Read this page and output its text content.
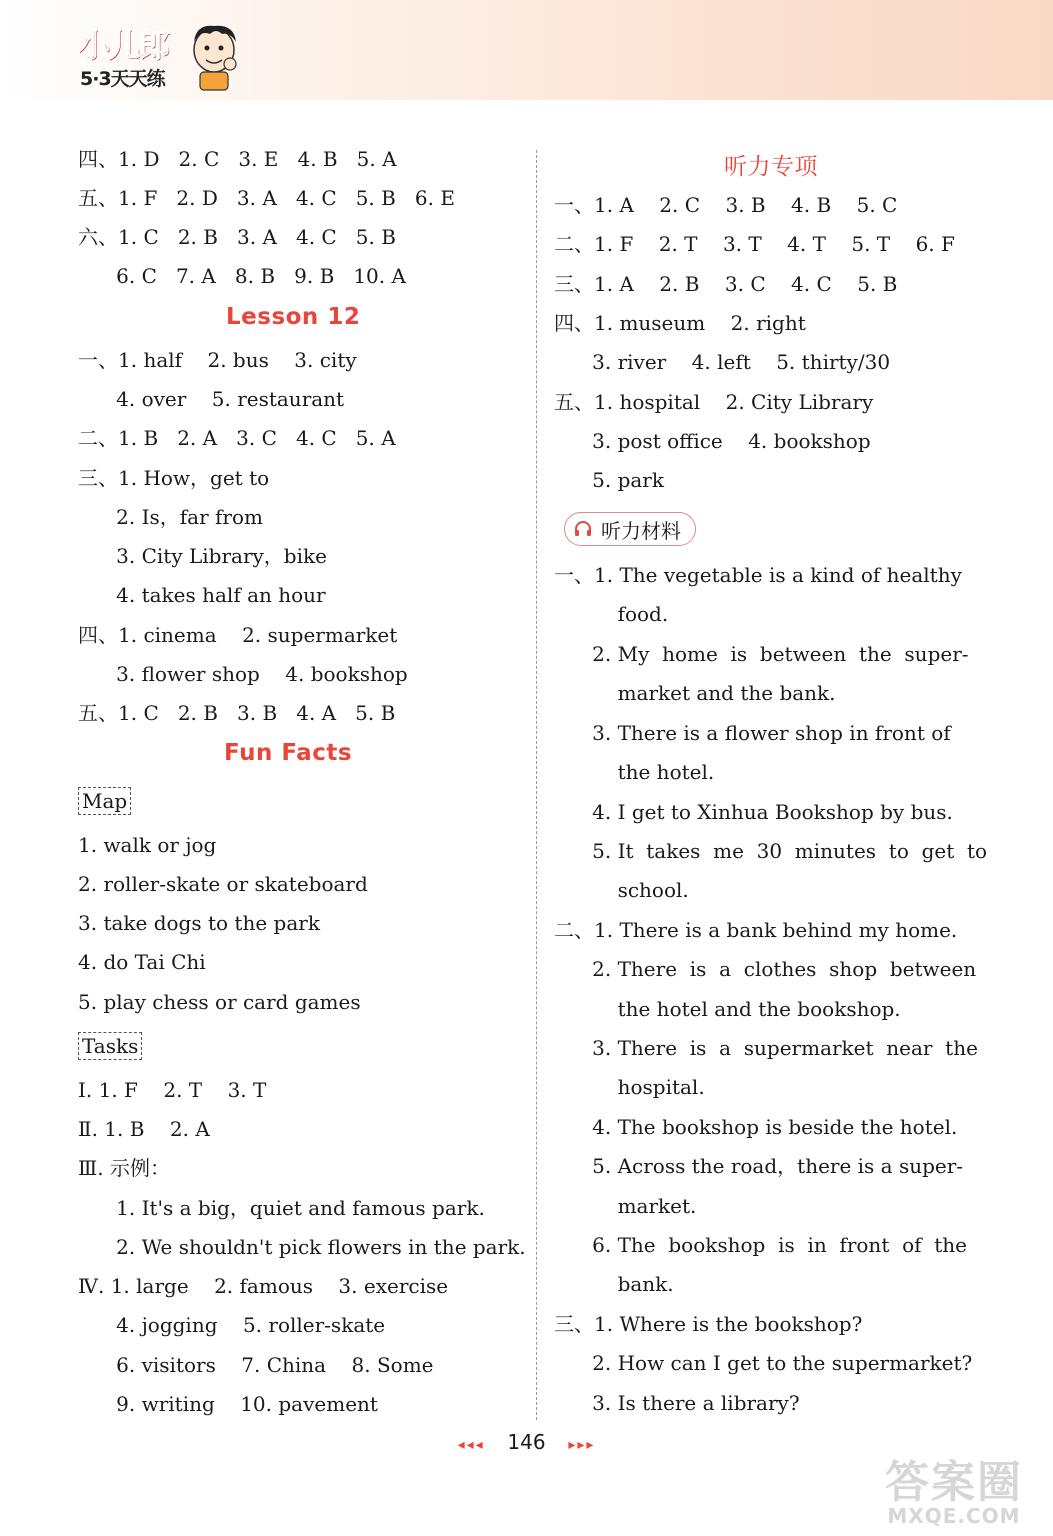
小儿郎
5·3天天练
四、1. D   2. C   3. E   4. B   5. A
五、1. F   2. D   3. A   4. C   5. B   6. E
六、1. C   2. B   3. A   4. C   5. B
6. C   7. A   8. B   9. B   10. A
Lesson 12
一、1. half    2. bus    3. city
4. over    5. restaurant
二、1. B   2. A   3. C   4. C   5. A
三、1. How，get to
2. Is，far from
3. City Library，bike
4. takes half an hour
四、1. cinema    2. supermarket
3. flower shop    4. bookshop
五、1. C   2. B   3. B   4. A   5. B
Fun Facts
Map
1. walk or jog
2. roller-skate or skateboard
3. take dogs to the park
4. do Tai Chi
5. play chess or card games
Tasks
Ⅰ. 1. F    2. T    3. T
Ⅱ. 1. B    2. A
Ⅲ. 示例：
1. It's a big，quiet and famous park.
2. We shouldn't pick flowers in the park.
Ⅳ. 1. large    2. famous    3. exercise
4. jogging    5. roller-skate
6. visitors    7. China    8. Some
9. writing    10. pavement
听力专项
一、1. A    2. C    3. B    4. B    5. C
二、1. F    2. T    3. T    4. T    5. T    6. F
三、1. A    2. B    3. C    4. C    5. B
四、1. museum    2. right
3. river    4. left    5. thirty/30
五、1. hospital    2. City Library
3. post office    4. bookshop
5. park
听力材料
一、1. The vegetable is a kind of healthy
food.
2. My  home  is  between  the  super-
market and the bank.
3. There is a flower shop in front of
the hotel.
4. I get to Xinhua Bookshop by bus.
5. It  takes  me  30  minutes  to  get  to
school.
二、1. There is a bank behind my home.
2. There  is  a  clothes  shop  between
the hotel and the bookshop.
3. There  is  a  supermarket  near  the
hospital.
4. The bookshop is beside the hotel.
5. Across the road，there is a super-
market.
6. The  bookshop  is  in  front  of  the
bank.
三、1. Where is the bookshop?
2. How can I get to the supermarket?
3. Is there a library?
◂◂◂ 146 ▸▸▸
答案圈
MXQE.COM
